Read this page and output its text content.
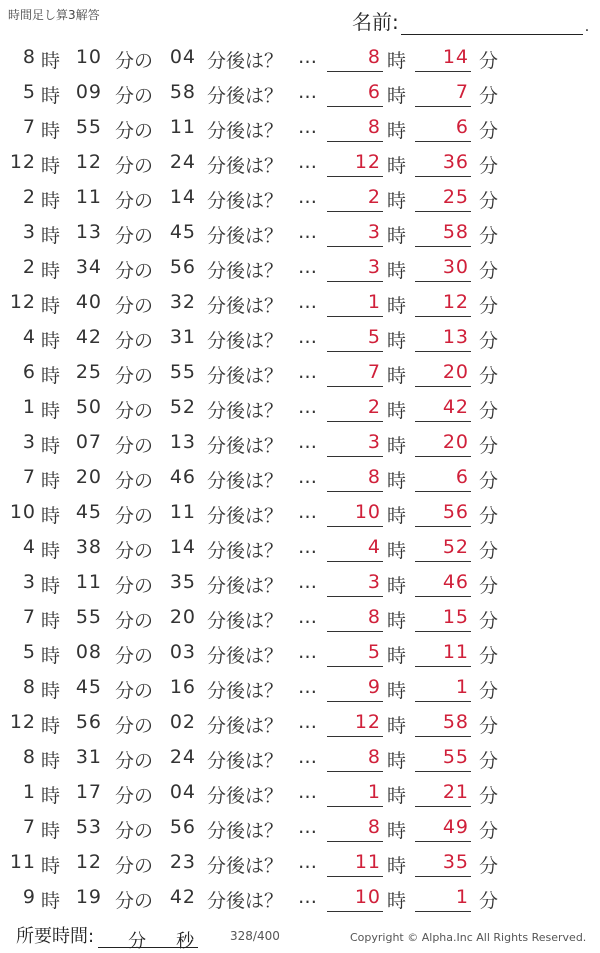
時間足し算3解答	名前:	.
8 時 10 分の 04 分後は？ …	8 時	14 分
5 時 09 分の 58 分後は？ …	6 時	7 分
7 時 55 分の 11 分後は？ …	8 時	6 分
12 時 12 分の 24 分後は？ …	12 時	36 分
2 時 11 分の 14 分後は？ …	2 時	25 分
3 時 13 分の 45 分後は？ …	3 時	58 分
2 時 34 分の 56 分後は？ …	3 時	30 分
12 時 40 分の 32 分後は？ …	1 時	12 分
4 時 42 分の 31 分後は？ …	5 時	13 分
6 時 25 分の 55 分後は？ …	7 時	20 分
1 時 50 分の 52 分後は？ …	2 時	42 分
3 時 07 分の 13 分後は？ …	3 時	20 分
7 時 20 分の 46 分後は？ …	8 時	6 分
10 時 45 分の 11 分後は？ …	10 時	56 分
4 時 38 分の 14 分後は？ …	4 時	52 分
3 時 11 分の 35 分後は？ …	3 時	46 分
7 時 55 分の 20 分後は？ …	8 時	15 分
5 時 08 分の 03 分後は？ …	5 時	11 分
8 時 45 分の 16 分後は？ …	9 時	1 分
12 時 56 分の 02 分後は？ …	12 時	58 分
8 時 31 分の 24 分後は？ …	8 時	55 分
1 時 17 分の 04 分後は？ …	1 時	21 分
7 時 53 分の 56 分後は？ …	8 時	49 分
11 時 12 分の 23 分後は？ …	11 時	35 分
9 時 19 分の 42 分後は？ …	10 時	1 分
所要時間: 分 秒	328/400	Copyright © Alpha.Inc All Rights Reserved.
